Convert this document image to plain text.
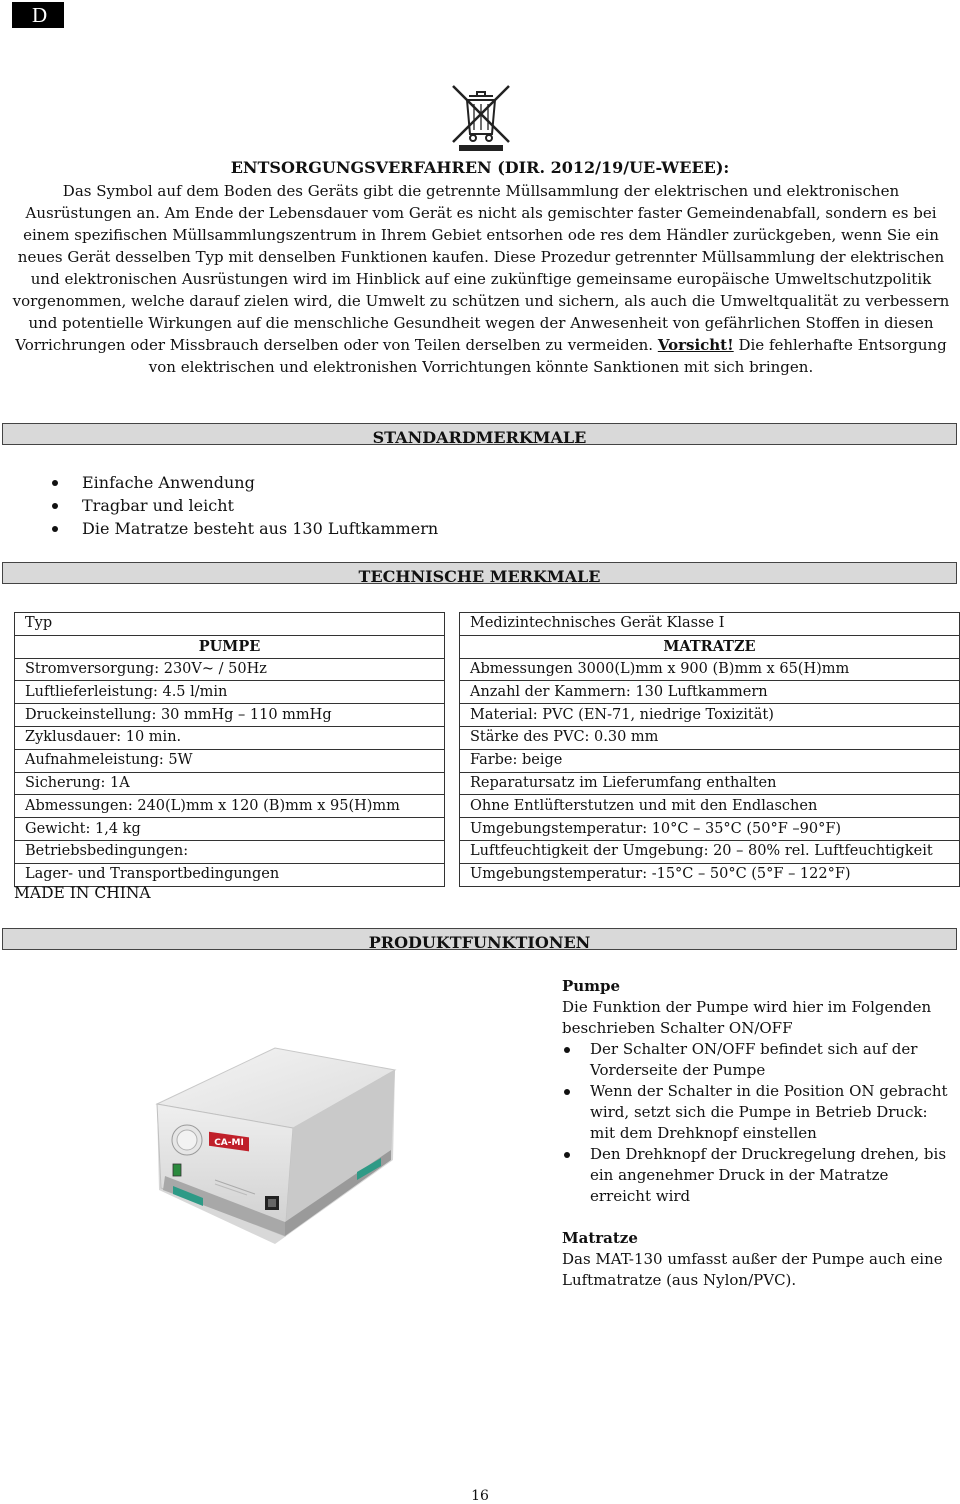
D
ENTSORGUNGSVERFAHREN (DIR. 2012/19/UE-WEEE):

Das Symbol auf dem Boden des Geräts gibt die getrennte Müllsammlung der elektrischen und elektronischen Ausrüstungen an. Am Ende der Lebensdauer vom Gerät es nicht als gemischter faster Gemeindenabfall, sondern es bei einem spezifischen Müllsammlungszentrum in Ihrem Gebiet entsorhen ode res dem Händler zurückgeben, wenn Sie ein neues Gerät desselben Typ mit denselben Funktionen kaufen. Diese Prozedur getrennter Müllsammlung der elektrischen und elektronischen Ausrüstungen wird im Hinblick auf eine zukünftige gemeinsame europäische Umweltschutzpolitik vorgenommen, welche darauf zielen wird, die Umwelt zu schützen und sichern, als auch die Umweltqualität zu verbessern und potentielle Wirkungen auf die menschliche Gesundheit wegen der Anwesenheit von gefährlichen Stoffen in diesen Vorrichrungen oder Missbrauch derselben oder von Teilen derselben zu vermeiden. Vorsicht! Die fehlerhafte Entsorgung von elektrischen und elektronishen Vorrichtungen könnte Sanktionen mit sich bringen.

STANDARDMERKMALE
Einfache Anwendung
Tragbar und leicht
Die Matratze besteht aus 130 Luftkammern
TECHNISCHE MERKMALE
Typ
PUMPE
Stromversorgung: 230V~ / 50Hz
Luftlieferleistung: 4.5 l/min
Druckeinstellung: 30 mmHg – 110 mmHg
Zyklusdauer: 10 min.
Aufnahmeleistung: 5W
Sicherung: 1A
Abmessungen: 240(L)mm x 120 (B)mm x 95(H)mm
Gewicht: 1,4 kg
Betriebsbedingungen:
Lager- und Transportbedingungen
Medizintechnisches Gerät Klasse I
MATRATZE
Abmessungen 3000(L)mm x 900 (B)mm x 65(H)mm
Anzahl der Kammern: 130 Luftkammern
Material: PVC (EN-71, niedrige Toxizität)
Stärke des PVC: 0.30 mm
Farbe: beige
Reparatursatz im Lieferumfang enthalten
Ohne Entlüfterstutzen und mit den Endlaschen
Umgebungstemperatur: 10°C – 35°C (50°F –90°F)
Luftfeuchtigkeit der Umgebung: 20 – 80% rel. Luftfeuchtigkeit
Umgebungstemperatur: -15°C – 50°C (5°F – 122°F)
MADE IN CHINA
PRODUKTFUNKTIONEN
CA-MI
Pumpe

Die Funktion der Pumpe wird hier im Folgenden beschrieben Schalter ON/OFF

Der Schalter ON/OFF befindet sich auf der Vorderseite der Pumpe
Wenn der Schalter in die Position ON gebracht wird, setzt sich die Pumpe in Betrieb Druck: mit dem Drehknopf einstellen
Den Drehknopf der Druckregelung drehen, bis ein angenehmer Druck in der Matratze erreicht wird
Matratze

Das MAT-130 umfasst außer der Pumpe auch eine Luftmatratze (aus Nylon/PVC).

16
